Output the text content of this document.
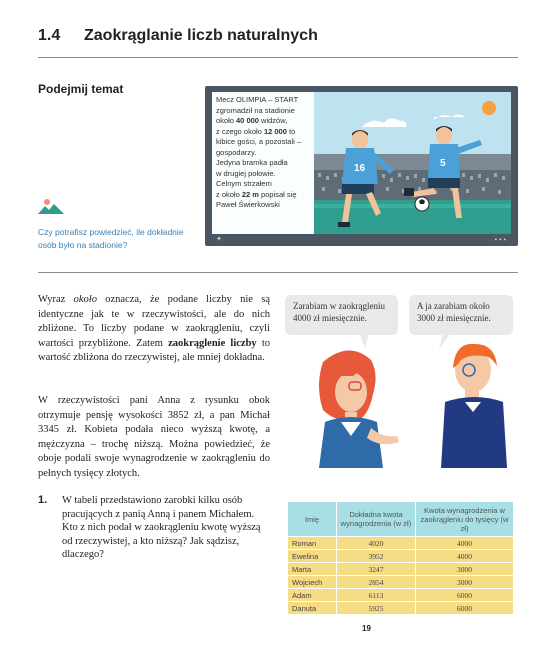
1.4 Zaokrąglanie liczb naturalnych
Podejmij temat
Czy potrafisz powiedzieć, ile dokładnie osób było na stadionie?
16	5
Mecz OLIMPIA – START
zgromadził na stadionie
około 40 000 widzów,
z czego około 12 000 to
kibice gości, a pozostali –
gospodarzy.
Jedyna bramka padła
w drugiej połowie.
Celnym strzałem
z około 22 m popisał się
Paweł Świerkowski
✦	•••
Wyraz około oznacza, że podane liczby nie są identyczne jak te w rzeczywistości, ale do nich zbliżone. To liczby podane w zaokrągleniu, czyli wartości przybliżone. Zatem zaokrąglenie liczby to wartość zbliżona do rzeczywistej, ale mniej dokładna.
W rzeczywistości pani Anna z rysunku obok otrzymuje pensję wysokości 3852 zł, a pan Michał 3345 zł. Kobieta podała nieco wyższą kwotę, a mężczyzna – trochę niższą. Można powiedzieć, że oboje podali swoje wynagrodzenie w zaokrągleniu do pełnych tysięcy złotych.
Zarabiam w zaokrągleniu 4000 zł miesięcznie.
A ja zarabiam około 3000 zł miesięcznie.
1. W tabeli przedstawiono zarobki kilku osób pracujących z panią Anną i panem Michałem. Kto z nich podał w zaokrągleniu kwotę wyższą od rzeczywistej, a kto niższą? Jak sądzisz, dlaczego?
Imię	Dokładna kwota wynagrodzenia (w zł)	Kwota wynagrodzenia w zaokrągleniu do tysięcy (w zł)
Roman	4020	4000
Ewelina	3952	4000
Marta	3247	3000
Wojciech	2854	3000
Adam	6113	6000
Danuta	5925	6000
19
